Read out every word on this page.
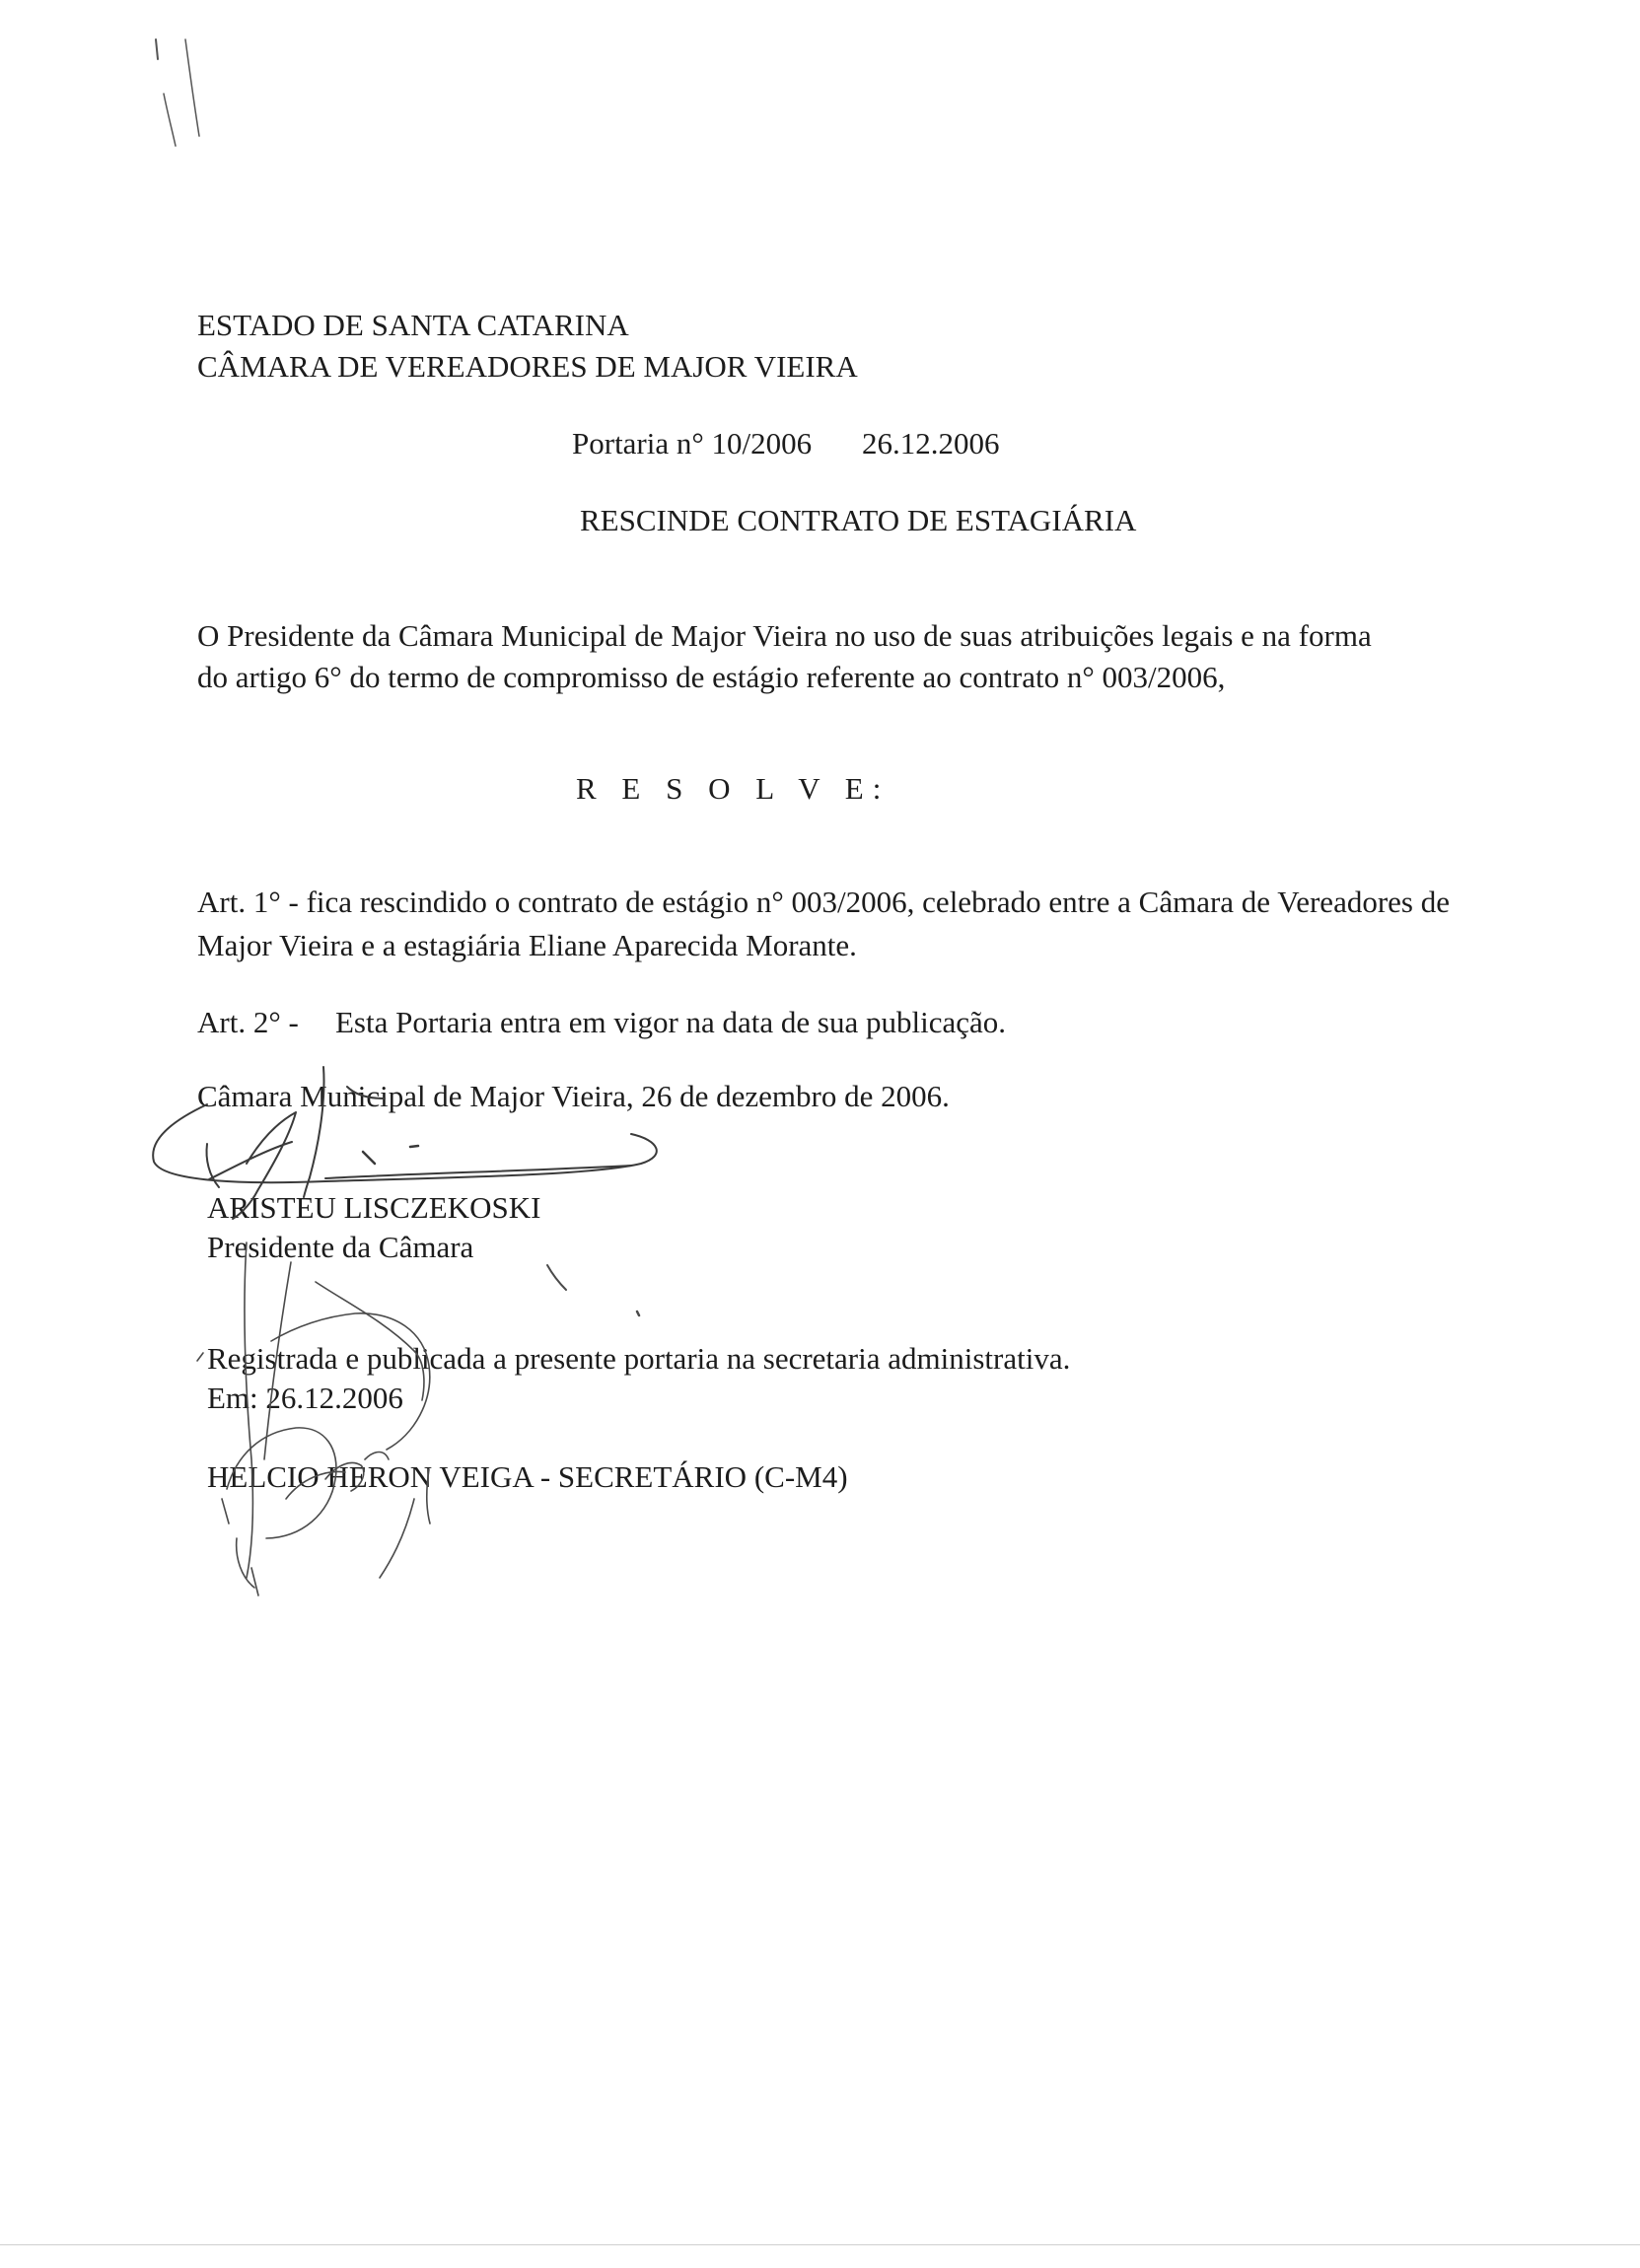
ESTADO DE SANTA CATARINA

CÂMARA DE VEREADORES DE MAJOR VIEIRA

Portaria n° 10/2006 26.12.2006

RESCINDE CONTRATO DE ESTAGIÁRIA

O Presidente da Câmara Municipal de Major Vieira no uso de suas atribuições legais e na forma

do artigo 6° do termo de compromisso de estágio referente ao contrato n° 003/2006,

R E S O L V E:

Art. 1° - fica rescindido o contrato de estágio n° 003/2006, celebrado entre a Câmara de Vereadores de Major Vieira e a estagiária Eliane Aparecida Morante.

Art. 2° - Esta Portaria entra em vigor na data de sua publicação.

Câmara Municipal de Major Vieira, 26 de dezembro de 2006.

ARISTEU LISCZEKOSKI

Presidente da Câmara

Registrada e publicada a presente portaria na secretaria administrativa.

Em: 26.12.2006

HELCIO HERON VEIGA - SECRETÁRIO (C-M4)
